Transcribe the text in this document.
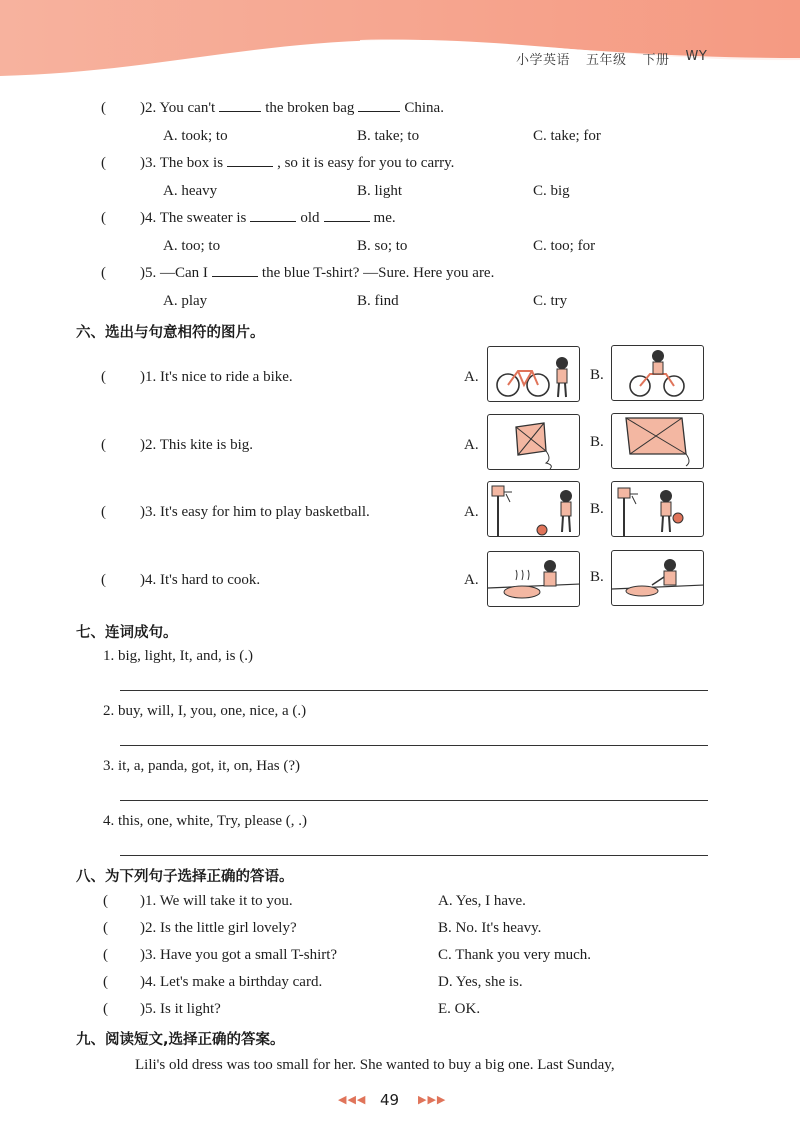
小学英语 五年级 下册 WY
( )2. You can't	the broken bag	China.
A. took; to	B. take; to	C. take; for
( )3. The box is	, so it is easy for you to carry.
A. heavy	B. light	C. big
( )4. The sweater is	old	me.
A. too; to	B. so; to	C. too; for
( )5. —Can I	the blue T-shirt? —Sure. Here you are.
A. play	B. find	C. try
六、选出与句意相符的图片。
( )1. It's nice to ride a bike.	A.	B.
( )2. This kite is big.	A.	B.
( )3. It's easy for him to play basketball.	A.	B.
( )4. It's hard to cook.	A.	B.
七、连词成句。
1. big, light, It, and, is (.)
2. buy, will, I, you, one, nice, a (.)
3. it, a, panda, got, it, on, Has (?)
4. this, one, white, Try, please (, .)
八、为下列句子选择正确的答语。
( )1. We will take it to you.	A. Yes, I have.
( )2. Is the little girl lovely?	B. No. It's heavy.
( )3. Have you got a small T-shirt?	C. Thank you very much.
( )4. Let's make a birthday card.	D. Yes, she is.
( )5. Is it light?	E. OK.
九、阅读短文,选择正确的答案。
Lili's old dress was too small for her. She wanted to buy a big one. Last Sunday,
◀◀◀ 49 ▶▶▶
